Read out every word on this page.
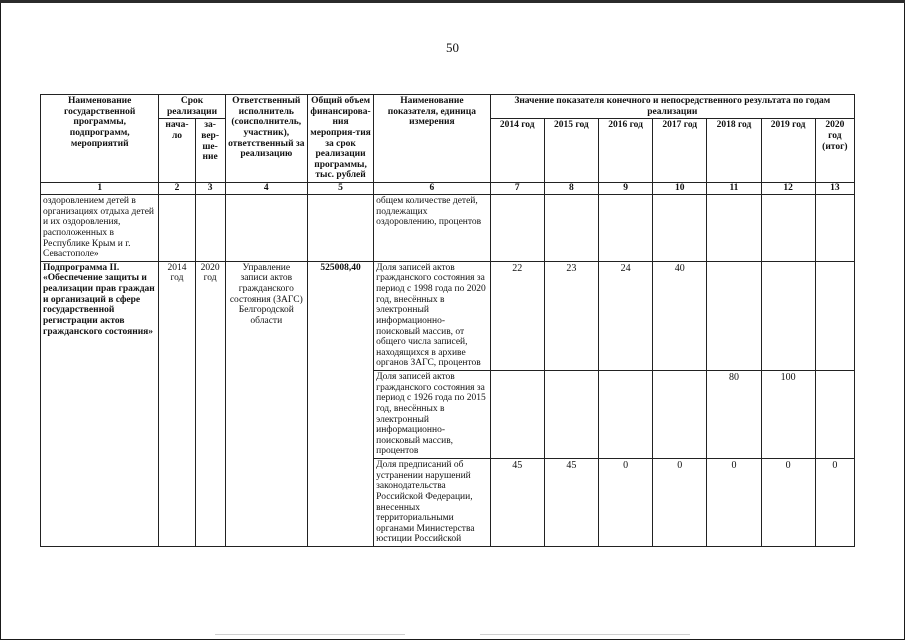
50
Наименование государственной программы, подпрограмм, мероприятий	Срок реализации		Ответственный исполнитель (соисполнитель, участник), ответственный за реализацию	Общий объем финансирова-ния мероприя-тия за срок реализации программы, тыс. рублей	Наименование показателя, единица измерения	Значение показателя конечного и непосредственного результата по годам реализации						
	нача-ло	за-вер-ше-ние				2014 год	2015 год	2016 год	2017 год	2018 год	2019 год	2020 год (итог)

1	2	3	4	5	6	7	8	9	10	11	12	13
оздоровлением детей в организациях отдыха детей и их оздоровления, расположенных в Республике Крым и г. Севастополе»					общем количестве детей, подлежащих оздоровлению, процентов							
Подпрограмма II. «Обеспечение защиты и реализации прав граждан и организаций в сфере государственной регистрации актов гражданского состояния»	2014 год	2020 год	Управление записи актов гражданского состояния (ЗАГС) Белгородской области	525008,40	Доля записей актов гражданского состояния за период с 1998 года по 2020 год, внесённых в электронный информационно-поисковый массив, от общего числа записей, находящихся в архиве органов ЗАГС, процентов	22	23	24	40			
					Доля записей актов гражданского состояния за период с 1926 года по 2015 год, внесённых в электронный информационно-поисковый массив, процентов					80	100	
					Доля предписаний об устранении нарушений законодательства Российской Федерации, внесенных территориальными органами Министерства юстиции Российской	45	45	0	0	0	0	0
